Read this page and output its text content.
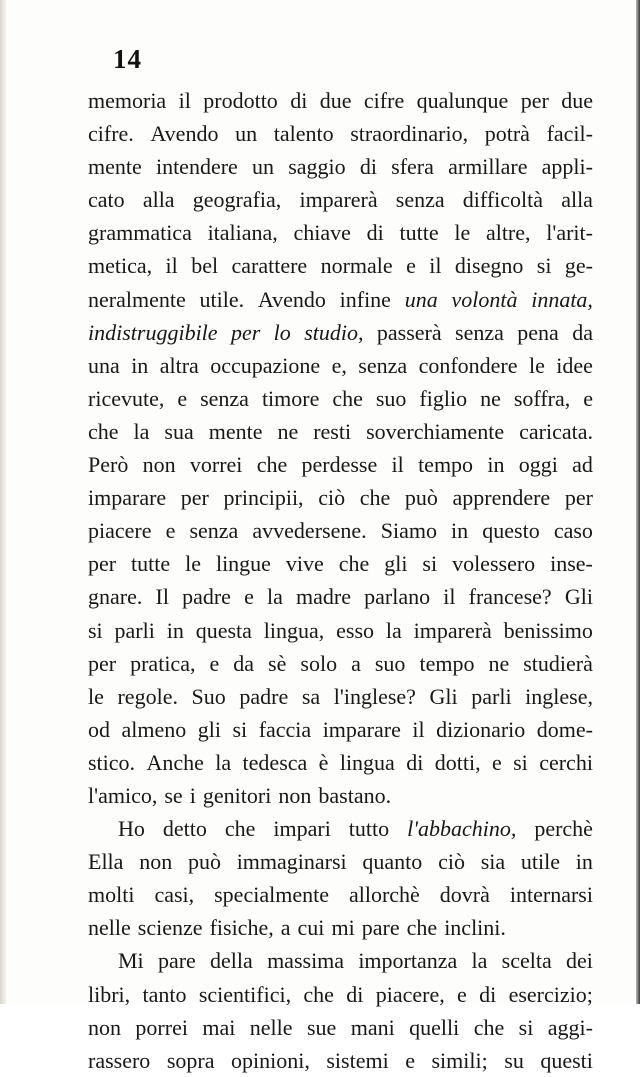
14
memoria il prodotto di due cifre qualunque per due
cifre. Avendo un talento straordinario, potrà facil-
mente intendere un saggio di sfera armillare appli-
cato alla geografia, imparerà senza difficoltà alla
grammatica italiana, chiave di tutte le altre, l'arit-
metica, il bel carattere normale e il disegno si ge-
neralmente utile. Avendo infine una volontà innata,
indistruggibile per lo studio, passerà senza pena da
una in altra occupazione e, senza confondere le idee
ricevute, e senza timore che suo figlio ne soffra, e
che la sua mente ne resti soverchiamente caricata.
Però non vorrei che perdesse il tempo in oggi ad
imparare per principii, ciò che può apprendere per
piacere e senza avvedersene. Siamo in questo caso
per tutte le lingue vive che gli si volessero inse-
gnare. Il padre e la madre parlano il francese? Gli
si parli in questa lingua, esso la imparerà benissimo
per pratica, e da sè solo a suo tempo ne studierà
le regole. Suo padre sa l'inglese? Gli parli inglese,
od almeno gli si faccia imparare il dizionario dome-
stico. Anche la tedesca è lingua di dotti, e si cerchi
l'amico, se i genitori non bastano.
Ho detto che impari tutto l'abbachino, perchè
Ella non può immaginarsi quanto ciò sia utile in
molti casi, specialmente allorchè dovrà internarsi
nelle scienze fisiche, a cui mi pare che inclini.
Mi pare della massima importanza la scelta dei
libri, tanto scientifici, che di piacere, e di esercizio;
non porrei mai nelle sue mani quelli che si aggi-
rassero sopra opinioni, sistemi e simili; su questi
